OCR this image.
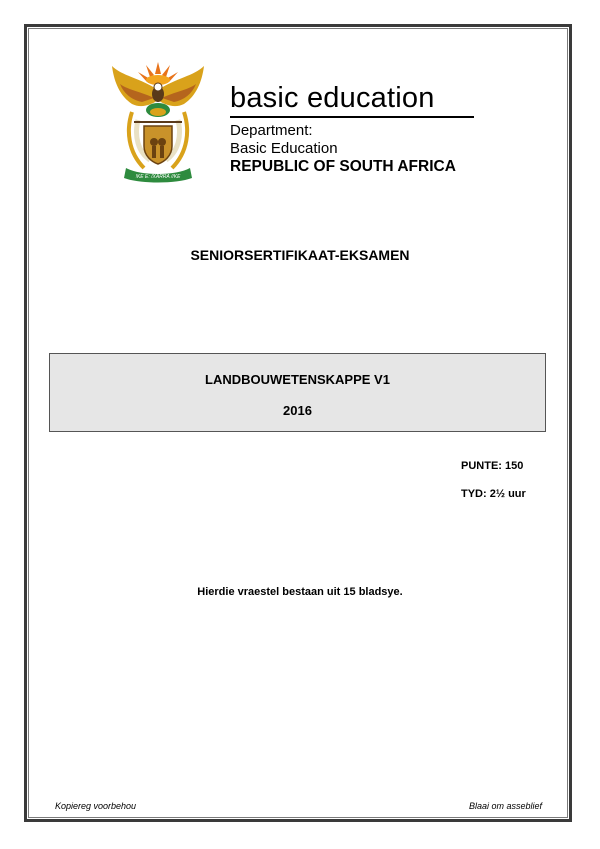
!KE E: /XARRA //KE
basic education
Department:
Basic Education
REPUBLIC OF SOUTH AFRICA
SENIORSERTIFIKAAT-EKSAMEN
LANDBOUWETENSKAPPE V1
2016
PUNTE: 150
TYD: 2½ uur
Hierdie vraestel bestaan uit 15 bladsye.
Kopiereg voorbehou	Blaai om asseblief
